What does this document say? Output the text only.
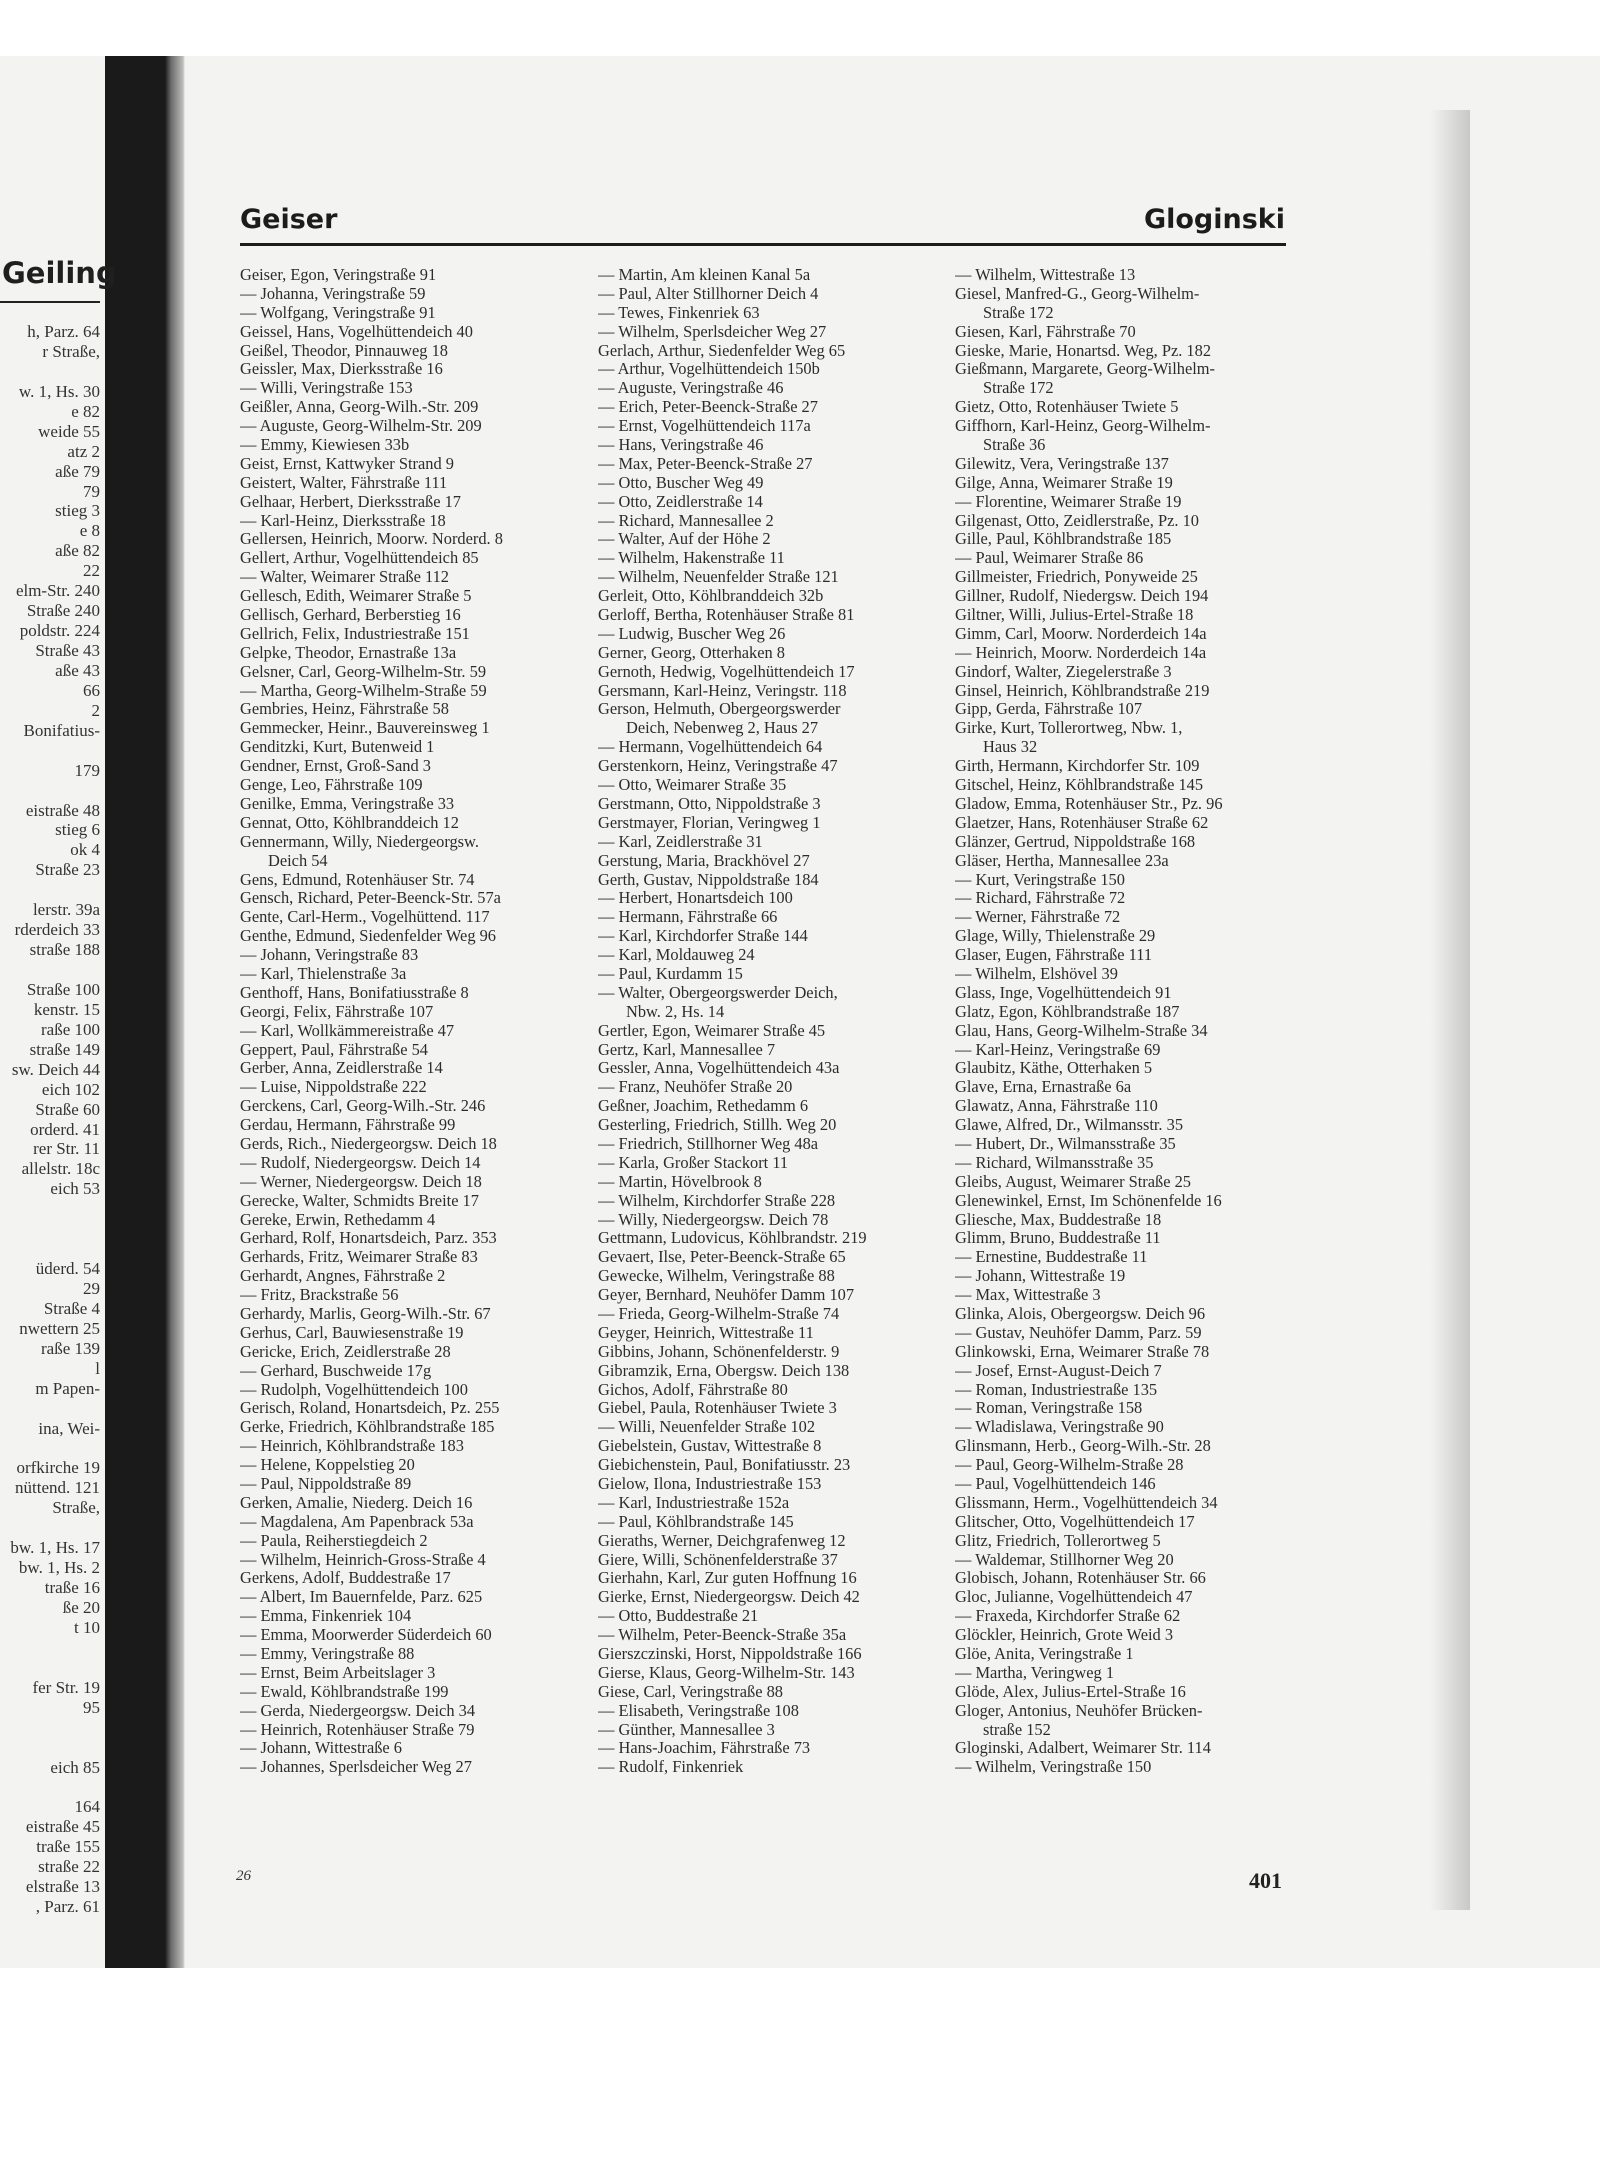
Geiling
h, Parz. 64
r Straße,
w. 1, Hs. 30
e 82
weide 55
atz 2
aße 79
79
stieg 3
e 8
aße 82
22
elm-Str. 240
Straße 240
poldstr. 224
Straße 43
aße 43
66
2
Bonifatius-
179
eistraße 48
stieg 6
ok 4
Straße 23
lerstr. 39a
rderdeich 33
straße 188
Straße 100
kenstr. 15
raße 100
straße 149
sw. Deich 44
eich 102
Straße 60
orderd. 41
rer Str. 11
allelstr. 18c
eich 53
üderd. 54
29
Straße 4
nwettern 25
raße 139
l
m Papen-
ina, Wei-
orfkirche 19
nüttend. 121
Straße,
bw. 1, Hs. 17
bw. 1, Hs. 2
traße 16
ße 20
t 10
fer Str. 19
95
eich 85
164
eistraße 45
traße 155
straße 22
elstraße 13
, Parz. 61
Geiser	Gloginski
Geiser, Egon, Veringstraße 91
— Johanna, Veringstraße 59
— Wolfgang, Veringstraße 91
Geissel, Hans, Vogelhüttendeich 40
Geißel, Theodor, Pinnauweg 18
Geissler, Max, Dierksstraße 16
— Willi, Veringstraße 153
Geißler, Anna, Georg-Wilh.-Str. 209
— Auguste, Georg-Wilhelm-Str. 209
— Emmy, Kiewiesen 33b
Geist, Ernst, Kattwyker Strand 9
Geistert, Walter, Fährstraße 111
Gelhaar, Herbert, Dierksstraße 17
— Karl-Heinz, Dierksstraße 18
Gellersen, Heinrich, Moorw. Norderd. 8
Gellert, Arthur, Vogelhüttendeich 85
— Walter, Weimarer Straße 112
Gellesch, Edith, Weimarer Straße 5
Gellisch, Gerhard, Berberstieg 16
Gellrich, Felix, Industriestraße 151
Gelpke, Theodor, Ernastraße 13a
Gelsner, Carl, Georg-Wilhelm-Str. 59
— Martha, Georg-Wilhelm-Straße 59
Gembries, Heinz, Fährstraße 58
Gemmecker, Heinr., Bauvereinsweg 1
Genditzki, Kurt, Butenweid 1
Gendner, Ernst, Groß-Sand 3
Genge, Leo, Fährstraße 109
Genilke, Emma, Veringstraße 33
Gennat, Otto, Köhlbranddeich 12
Gennermann, Willy, Niedergeorgsw.
Deich 54
Gens, Edmund, Rotenhäuser Str. 74
Gensch, Richard, Peter-Beenck-Str. 57a
Gente, Carl-Herm., Vogelhüttend. 117
Genthe, Edmund, Siedenfelder Weg 96
— Johann, Veringstraße 83
— Karl, Thielenstraße 3a
Genthoff, Hans, Bonifatiusstraße 8
Georgi, Felix, Fährstraße 107
— Karl, Wollkämmereistraße 47
Geppert, Paul, Fährstraße 54
Gerber, Anna, Zeidlerstraße 14
— Luise, Nippoldstraße 222
Gerckens, Carl, Georg-Wilh.-Str. 246
Gerdau, Hermann, Fährstraße 99
Gerds, Rich., Niedergeorgsw. Deich 18
— Rudolf, Niedergeorgsw. Deich 14
— Werner, Niedergeorgsw. Deich 18
Gerecke, Walter, Schmidts Breite 17
Gereke, Erwin, Rethedamm 4
Gerhard, Rolf, Honartsdeich, Parz. 353
Gerhards, Fritz, Weimarer Straße 83
Gerhardt, Angnes, Fährstraße 2
— Fritz, Brackstraße 56
Gerhardy, Marlis, Georg-Wilh.-Str. 67
Gerhus, Carl, Bauwiesenstraße 19
Gericke, Erich, Zeidlerstraße 28
— Gerhard, Buschweide 17g
— Rudolph, Vogelhüttendeich 100
Gerisch, Roland, Honartsdeich, Pz. 255
Gerke, Friedrich, Köhlbrandstraße 185
— Heinrich, Köhlbrandstraße 183
— Helene, Koppelstieg 20
— Paul, Nippoldstraße 89
Gerken, Amalie, Niederg. Deich 16
— Magdalena, Am Papenbrack 53a
— Paula, Reiherstiegdeich 2
— Wilhelm, Heinrich-Gross-Straße 4
Gerkens, Adolf, Buddestraße 17
— Albert, Im Bauernfelde, Parz. 625
— Emma, Finkenriek 104
— Emma, Moorwerder Süderdeich 60
— Emmy, Veringstraße 88
— Ernst, Beim Arbeitslager 3
— Ewald, Köhlbrandstraße 199
— Gerda, Niedergeorgsw. Deich 34
— Heinrich, Rotenhäuser Straße 79
— Johann, Wittestraße 6
— Johannes, Sperlsdeicher Weg 27
— Martin, Am kleinen Kanal 5a
— Paul, Alter Stillhorner Deich 4
— Tewes, Finkenriek 63
— Wilhelm, Sperlsdeicher Weg 27
Gerlach, Arthur, Siedenfelder Weg 65
— Arthur, Vogelhüttendeich 150b
— Auguste, Veringstraße 46
— Erich, Peter-Beenck-Straße 27
— Ernst, Vogelhüttendeich 117a
— Hans, Veringstraße 46
— Max, Peter-Beenck-Straße 27
— Otto, Buscher Weg 49
— Otto, Zeidlerstraße 14
— Richard, Mannesallee 2
— Walter, Auf der Höhe 2
— Wilhelm, Hakenstraße 11
— Wilhelm, Neuenfelder Straße 121
Gerleit, Otto, Köhlbranddeich 32b
Gerloff, Bertha, Rotenhäuser Straße 81
— Ludwig, Buscher Weg 26
Gerner, Georg, Otterhaken 8
Gernoth, Hedwig, Vogelhüttendeich 17
Gersmann, Karl-Heinz, Veringstr. 118
Gerson, Helmuth, Obergeorgswerder
Deich, Nebenweg 2, Haus 27
— Hermann, Vogelhüttendeich 64
Gerstenkorn, Heinz, Veringstraße 47
— Otto, Weimarer Straße 35
Gerstmann, Otto, Nippoldstraße 3
Gerstmayer, Florian, Veringweg 1
— Karl, Zeidlerstraße 31
Gerstung, Maria, Brackhövel 27
Gerth, Gustav, Nippoldstraße 184
— Herbert, Honartsdeich 100
— Hermann, Fährstraße 66
— Karl, Kirchdorfer Straße 144
— Karl, Moldauweg 24
— Paul, Kurdamm 15
— Walter, Obergeorgswerder Deich,
Nbw. 2, Hs. 14
Gertler, Egon, Weimarer Straße 45
Gertz, Karl, Mannesallee 7
Gessler, Anna, Vogelhüttendeich 43a
— Franz, Neuhöfer Straße 20
Geßner, Joachim, Rethedamm 6
Gesterling, Friedrich, Stillh. Weg 20
— Friedrich, Stillhorner Weg 48a
— Karla, Großer Stackort 11
— Martin, Hövelbrook 8
— Wilhelm, Kirchdorfer Straße 228
— Willy, Niedergeorgsw. Deich 78
Gettmann, Ludovicus, Köhlbrandstr. 219
Gevaert, Ilse, Peter-Beenck-Straße 65
Gewecke, Wilhelm, Veringstraße 88
Geyer, Bernhard, Neuhöfer Damm 107
— Frieda, Georg-Wilhelm-Straße 74
Geyger, Heinrich, Wittestraße 11
Gibbins, Johann, Schönenfelderstr. 9
Gibramzik, Erna, Obergsw. Deich 138
Gichos, Adolf, Fährstraße 80
Giebel, Paula, Rotenhäuser Twiete 3
— Willi, Neuenfelder Straße 102
Giebelstein, Gustav, Wittestraße 8
Giebichenstein, Paul, Bonifatiusstr. 23
Gielow, Ilona, Industriestraße 153
— Karl, Industriestraße 152a
— Paul, Köhlbrandstraße 145
Gieraths, Werner, Deichgrafenweg 12
Giere, Willi, Schönenfelderstraße 37
Gierhahn, Karl, Zur guten Hoffnung 16
Gierke, Ernst, Niedergeorgsw. Deich 42
— Otto, Buddestraße 21
— Wilhelm, Peter-Beenck-Straße 35a
Gierszczinski, Horst, Nippoldstraße 166
Gierse, Klaus, Georg-Wilhelm-Str. 143
Giese, Carl, Veringstraße 88
— Elisabeth, Veringstraße 108
— Günther, Mannesallee 3
— Hans-Joachim, Fährstraße 73
— Rudolf, Finkenriek
— Wilhelm, Wittestraße 13
Giesel, Manfred-G., Georg-Wilhelm-
Straße 172
Giesen, Karl, Fährstraße 70
Gieske, Marie, Honartsd. Weg, Pz. 182
Gießmann, Margarete, Georg-Wilhelm-
Straße 172
Gietz, Otto, Rotenhäuser Twiete 5
Giffhorn, Karl-Heinz, Georg-Wilhelm-
Straße 36
Gilewitz, Vera, Veringstraße 137
Gilge, Anna, Weimarer Straße 19
— Florentine, Weimarer Straße 19
Gilgenast, Otto, Zeidlerstraße, Pz. 10
Gille, Paul, Köhlbrandstraße 185
— Paul, Weimarer Straße 86
Gillmeister, Friedrich, Ponyweide 25
Gillner, Rudolf, Niedergsw. Deich 194
Giltner, Willi, Julius-Ertel-Straße 18
Gimm, Carl, Moorw. Norderdeich 14a
— Heinrich, Moorw. Norderdeich 14a
Gindorf, Walter, Ziegelerstraße 3
Ginsel, Heinrich, Köhlbrandstraße 219
Gipp, Gerda, Fährstraße 107
Girke, Kurt, Tollerortweg, Nbw. 1,
Haus 32
Girth, Hermann, Kirchdorfer Str. 109
Gitschel, Heinz, Köhlbrandstraße 145
Gladow, Emma, Rotenhäuser Str., Pz. 96
Glaetzer, Hans, Rotenhäuser Straße 62
Glänzer, Gertrud, Nippoldstraße 168
Gläser, Hertha, Mannesallee 23a
— Kurt, Veringstraße 150
— Richard, Fährstraße 72
— Werner, Fährstraße 72
Glage, Willy, Thielenstraße 29
Glaser, Eugen, Fährstraße 111
— Wilhelm, Elshövel 39
Glass, Inge, Vogelhüttendeich 91
Glatz, Egon, Köhlbrandstraße 187
Glau, Hans, Georg-Wilhelm-Straße 34
— Karl-Heinz, Veringstraße 69
Glaubitz, Käthe, Otterhaken 5
Glave, Erna, Ernastraße 6a
Glawatz, Anna, Fährstraße 110
Glawe, Alfred, Dr., Wilmansstr. 35
— Hubert, Dr., Wilmansstraße 35
— Richard, Wilmansstraße 35
Gleibs, August, Weimarer Straße 25
Glenewinkel, Ernst, Im Schönenfelde 16
Gliesche, Max, Buddestraße 18
Glimm, Bruno, Buddestraße 11
— Ernestine, Buddestraße 11
— Johann, Wittestraße 19
— Max, Wittestraße 3
Glinka, Alois, Obergeorgsw. Deich 96
— Gustav, Neuhöfer Damm, Parz. 59
Glinkowski, Erna, Weimarer Straße 78
— Josef, Ernst-August-Deich 7
— Roman, Industriestraße 135
— Roman, Veringstraße 158
— Wladislawa, Veringstraße 90
Glinsmann, Herb., Georg-Wilh.-Str. 28
— Paul, Georg-Wilhelm-Straße 28
— Paul, Vogelhüttendeich 146
Glissmann, Herm., Vogelhüttendeich 34
Glitscher, Otto, Vogelhüttendeich 17
Glitz, Friedrich, Tollerortweg 5
— Waldemar, Stillhorner Weg 20
Globisch, Johann, Rotenhäuser Str. 66
Gloc, Julianne, Vogelhüttendeich 47
— Fraxeda, Kirchdorfer Straße 62
Glöckler, Heinrich, Grote Weid 3
Glöe, Anita, Veringstraße 1
— Martha, Veringweg 1
Glöde, Alex, Julius-Ertel-Straße 16
Gloger, Antonius, Neuhöfer Brücken-
straße 152
Gloginski, Adalbert, Weimarer Str. 114
— Wilhelm, Veringstraße 150
26	401
